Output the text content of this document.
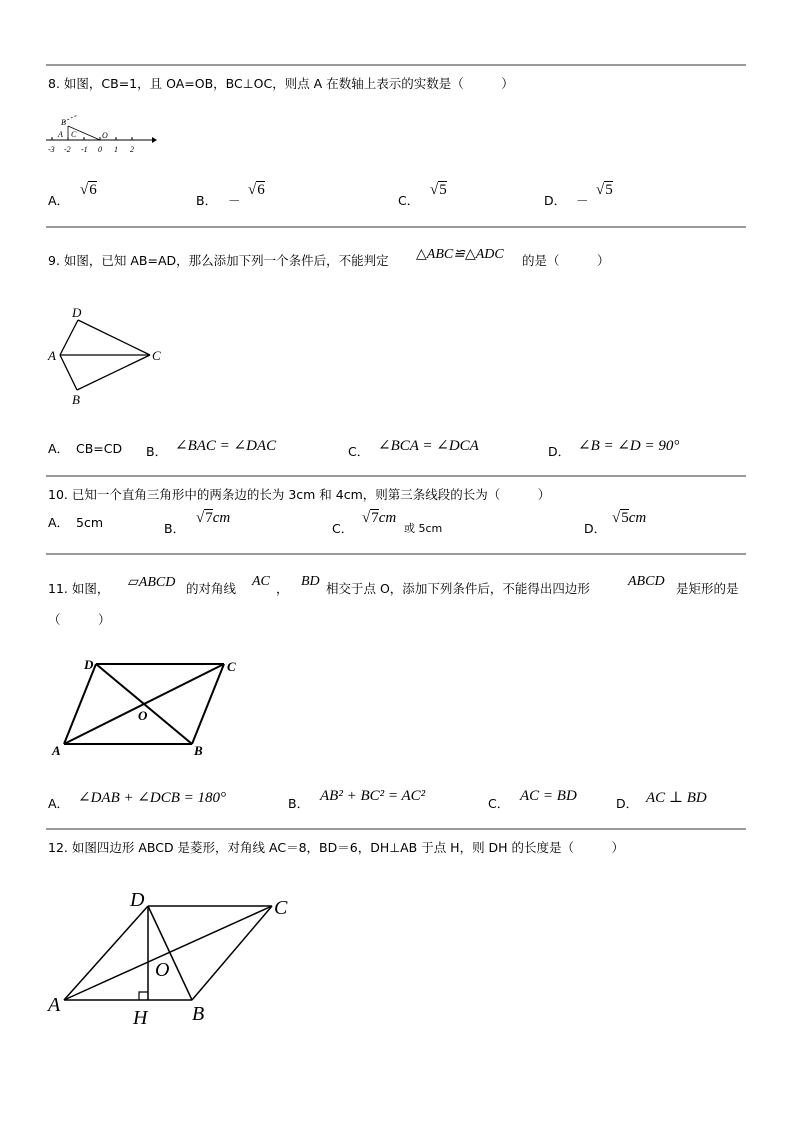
8. 如图，CB=1，且 OA=OB，BC⊥OC，则点 A 在数轴上表示的实数是（　　　）
B
A C	O
-3 -2 -1 0 1 2
A．
√6
B． －
√6
C．
√5
D． －
√5
9. 如图，已知 AB=AD，那么添加下列一个条件后，不能判定 △ABC≌△ADC 的是（　　　）
D
A	C
B
A． CB=CD B． ∠BAC = ∠DAC	C． ∠BCA = ∠DCA	D． ∠B = ∠D = 90°
10. 已知一个直角三角形中的两条边的长为 3cm 和 4cm，则第三条线段的长为（　　　）
A． 5cm	B．
√7cm
C．
√7cm
或 5cm	D．
√5cm
11. 如图， ▱ABCD 的对角线 AC ， BD 相交于点 O，添加下列条件后，不能得出四边形	ABCD 是矩形的是
（　　　）
D	C
O
A	B
A． ∠DAB + ∠DCB = 180°	B． AB² + BC² = AC²	C． AC = BD	D． AC ⊥ BD
12. 如图四边形 ABCD 是菱形，对角线 AC＝8，BD＝6，DH⊥AB 于点 H，则 DH 的长度是（　　　）
D	C
O
A
H B
